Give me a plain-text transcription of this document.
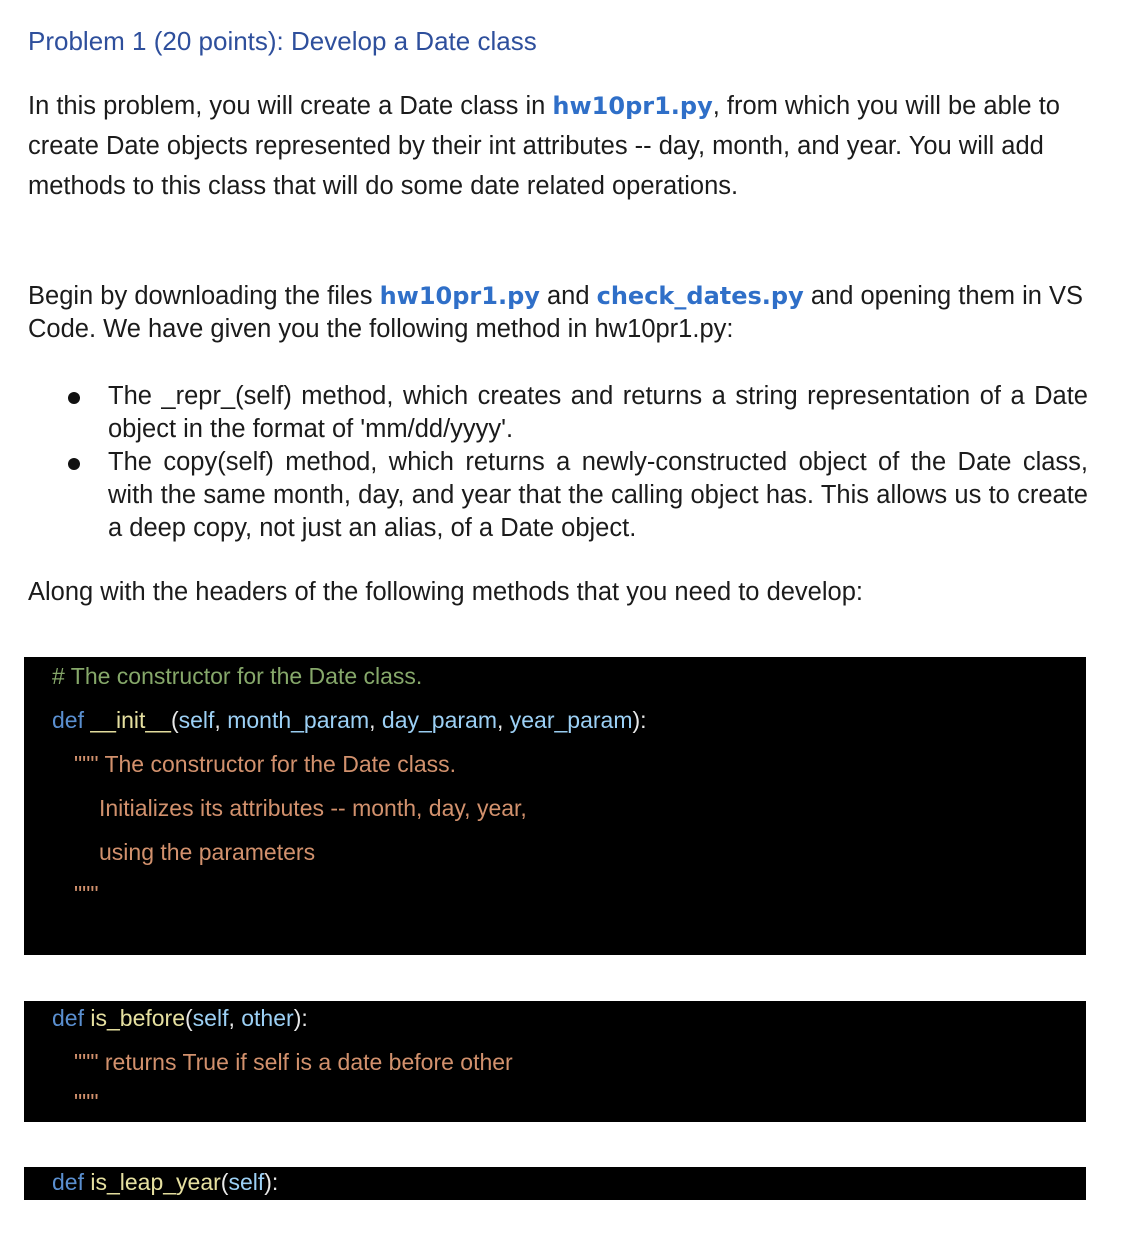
Problem 1 (20 points): Develop a Date class
In this problem, you will create a Date class in hw10pr1.py, from which you will be able to create Date objects represented by their int attributes -- day, month, and year. You will add methods to this class that will do some date related operations.
Begin by downloading the files hw10pr1.py and check_dates.py and opening them in VS Code. We have given you the following method in hw10pr1.py:
The _repr_(self) method, which creates and returns a string representation of a Date object in the format of 'mm/dd/yyyy'.
The copy(self) method, which returns a newly-constructed object of the Date class, with the same month, day, and year that the calling object has. This allows us to create a deep copy, not just an alias, of a Date object.
Along with the headers of the following methods that you need to develop:
# The constructor for the Date class.
def __init__(self, month_param, day_param, year_param):
""" The constructor for the Date class.
Initializes its attributes -- month, day, year,
using the parameters
"""
def is_before(self, other):
""" returns True if self is a date before other
"""
def is_leap_year(self):
